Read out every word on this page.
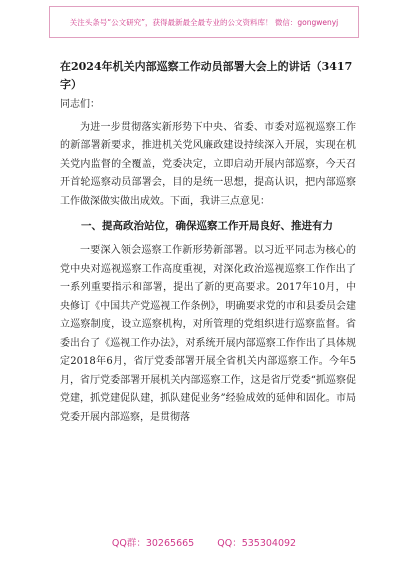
关注头条号“公文研究”，获得最新最全最专业的公文资料库！ 微信：gongwenyj

在2024年机关内部巡察工作动员部署大会上的讲话（3417字）

同志们：

为进一步贯彻落实新形势下中央、省委、市委对巡视巡察工作的新部署新要求，推进机关党风廉政建设持续深入开展，实现在机关党内监督的全覆盖，党委决定，立即启动开展内部巡察，今天召开首轮巡察动员部署会，目的是统一思想，提高认识，把内部巡察工作做深做实做出成效。下面，我讲三点意见：

一、提高政治站位，确保巡察工作开局良好、推进有力

一要深入领会巡察工作新形势新部署。以习近平同志为核心的党中央对巡视巡察工作高度重视，对深化政治巡视巡察工作作出了一系列重要指示和部署，提出了新的更高要求。2017年10月，中央修订《中国共产党巡视工作条例》，明确要求党的市和县委员会建立巡察制度，设立巡察机构，对所管理的党组织进行巡察监督。省委出台了《巡视工作办法》，对系统开展内部巡察工作作出了具体规定2018年6月，省厅党委部署开展全省机关内部巡察工作。今年5月，省厅党委部署开展机关内部巡察工作，这是省厅党委“抓巡察促党建，抓党建促队建，抓队建促业务”经验成效的延伸和固化。市局党委开展内部巡察，是贯彻落

QQ群：30265665 QQ：535304092
